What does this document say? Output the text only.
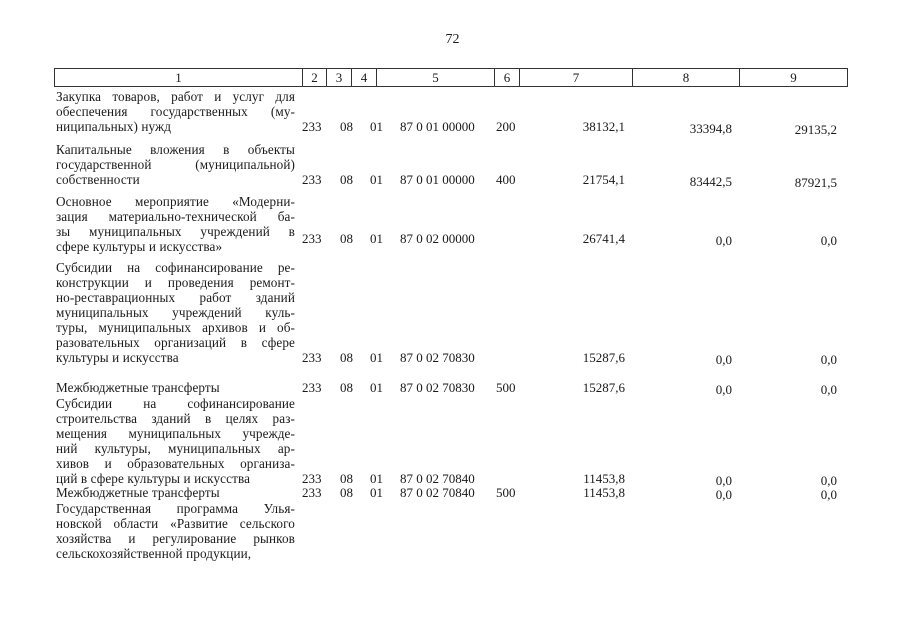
72
1	2	3	4	5	6	7	8	9
Закупка товаров, работ и услуг для
обеспечения государственных (му-
ниципальных) нужд	233 08 01 87 0 01 00000 200	38132,1	33394,8	29135,2
Капитальные вложения в объекты
государственной (муниципальной)
собственности	233 08 01 87 0 01 00000 400	21754,1	83442,5	87921,5
Основное мероприятие «Модерни-
зация материально-технической ба-
зы муниципальных учреждений в
сфере культуры и искусства»
233 08 01 87 0 02 00000	26741,4	0,0	0,0
Субсидии на софинансирование ре-
конструкции и проведения ремонт-
но-реставрационных работ зданий
муниципальных учреждений куль-
туры, муниципальных архивов и об-
разовательных организаций в сфере
культуры и искусства	233 08 01 87 0 02 70830	15287,6	0,0	0,0
Межбюджетные трансферты	233 08 01 87 0 02 70830 500	15287,6	0,0	0,0
Субсидии на софинансирование
строительства зданий в целях раз-
мещения муниципальных учрежде-
ний культуры, муниципальных ар-
хивов и образовательных организа-
ций в сфере культуры и искусства	233 08 01 87 0 02 70840	11453,8	0,0	0,0
Межбюджетные трансферты	233 08 01 87 0 02 70840 500	11453,8	0,0	0,0
Государственная программа Улья-
новской области «Развитие сельского
хозяйства и регулирование рынков
сельскохозяйственной продукции,
